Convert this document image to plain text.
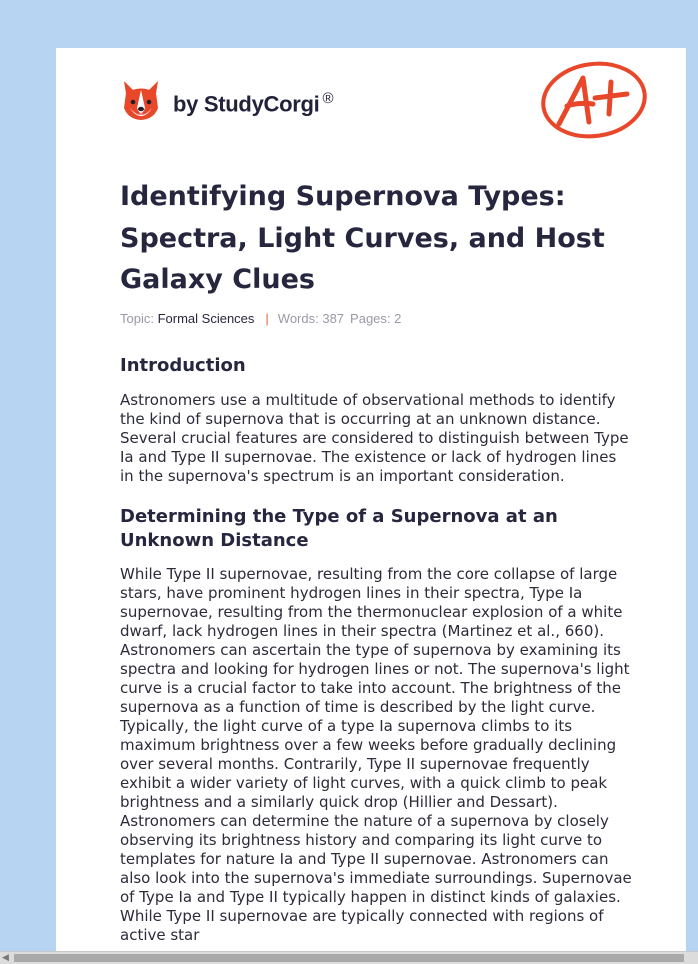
by StudyCorgi ®
Identifying Supernova Types: Spectra, Light Curves, and Host Galaxy Clues
Topic: Formal Sciences | Words: 387 Pages: 2
Introduction

Astronomers use a multitude of observational methods to identify the kind of supernova that is occurring at an unknown distance. Several crucial features are considered to distinguish between Type Ia and Type II supernovae. The existence or lack of hydrogen lines in the supernova's spectrum is an important consideration.

Determining the Type of a Supernova at an Unknown Distance

While Type II supernovae, resulting from the core collapse of large stars, have prominent hydrogen lines in their spectra, Type Ia supernovae, resulting from the thermonuclear explosion of a white dwarf, lack hydrogen lines in their spectra (Martinez et al., 660). Astronomers can ascertain the type of supernova by examining its spectra and looking for hydrogen lines or not. The supernova's light curve is a crucial factor to take into account. The brightness of the supernova as a function of time is described by the light curve. Typically, the light curve of a type Ia supernova climbs to its maximum brightness over a few weeks before gradually declining over several months. Contrarily, Type II supernovae frequently exhibit a wider variety of light curves, with a quick climb to peak brightness and a similarly quick drop (Hillier and Dessart). Astronomers can determine the nature of a supernova by closely observing its brightness history and comparing its light curve to templates for nature Ia and Type II supernovae. Astronomers can also look into the supernova's immediate surroundings. Supernovae of Type Ia and Type II typically happen in distinct kinds of galaxies. While Type II supernovae are typically connected with regions of active star

◀
